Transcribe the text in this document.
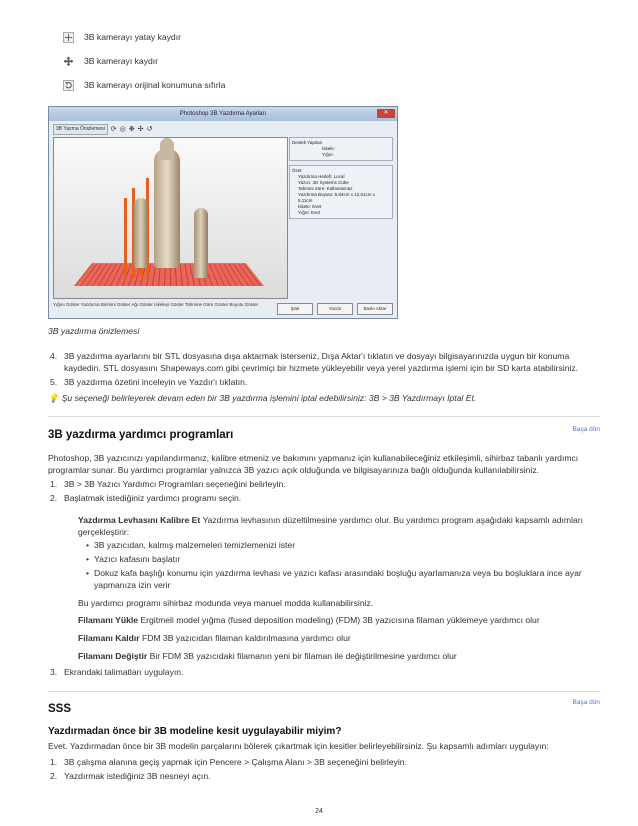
3B kamerayı yatay kaydır
3B kamerayı kaydır
3B kamerayı orijinal konumuna sıfırla
Photoshop 3B Yazdırma Ayarları	✕
3B Yazma Önizlemesi ⟳ ◎ ✥ ✣ ↺
Destek Yapıları
İskele:
Yığın:
Özet
Yazdırma Hedefi: Local
Yazıcı: 3D Systems Cube
Tahmini Süre: Kullanılamaz
Yazdırma Boyutu: 5,84cm x 12,61cm x 5,11cm
İskele: Evet
Yığın: Evet
Yığını Göster Yazdırma Birimini Göster Ağı Göster İskeleyi Göster Tahmine Göre Göster Boyutu Göster
İptal	Yazdır	Baskı Aktar
3B yazdırma önizlemesi
4. 3B yazdırma ayarlarını bir STL dosyasına dışa aktarmak isterseniz, Dışa Aktar'ı tıklatın ve dosyayı bilgisayarınızda uygun bir konuma
kaydedin. STL dosyasını Shapeways.com gibi çevrimiçi bir hizmete yükleyebilir veya yerel yazdırma işlemi için bir SD karta atabilirsiniz.
5. 3B yazdırma özetini inceleyin ve Yazdır'ı tıklatın.
💡 Şu seçeneği belirleyerek devam eden bir 3B yazdırma işlemini iptal edebilirsiniz: 3B > 3B Yazdırmayı İptal Et.
Başa dön
3B yazdırma yardımcı programları
Photoshop, 3B yazıcınızı yapılandırmanız, kalibre etmeniz ve bakımını yapmanız için kullanabileceğiniz etkileşimli, sihirbaz tabanlı yardımcı
programlar sunar. Bu yardımcı programlar yalnızca 3B yazıcı açık olduğunda ve bilgisayarınıza bağlı olduğunda kullanılabilirsiniz.
1. 3B > 3B Yazıcı Yardımcı Programları seçeneğini belirleyin.
2. Başlatmak istediğiniz yardımcı programı seçin.
Yazdırma Levhasını Kalibre Et Yazdırma levhasının düzeltilmesine yardımcı olur. Bu yardımcı program aşağıdaki kapsamlı adımları
gerçekleştirir:
• 3B yazıcıdan, kalmış malzemeleri temizlemenizi ister
• Yazıcı kafasını başlatır
• Dokuz kafa başlığı konumu için yazdırma levhası ve yazıcı kafası arasındaki boşluğu ayarlamanıza veya bu boşluklara ince ayar
yapmanıza izin verir
Bu yardımcı programı sihirbaz modunda veya manuel modda kullanabilirsiniz.
Filamanı Yükle Ergitmeli model yığma (fused deposition modeling) (FDM) 3B yazıcısına filaman yüklemeye yardımcı olur
Filamanı Kaldır FDM 3B yazıcıdan filaman kaldırılmasına yardımcı olur
Filamanı Değiştir Bir FDM 3B yazıcıdaki filamanın yeni bir filaman ile değiştirilmesine yardımcı olur
3. Ekrandaki talimatları uygulayın.
Başa dön
SSS
Yazdırmadan önce bir 3B modeline kesit uygulayabilir miyim?
Evet. Yazdırmadan önce bir 3B modelin parçalarını bölerek çıkartmak için kesitler belirleyebilirsiniz. Şu kapsamlı adımları uygulayın:
1. 3B çalışma alanına geçiş yapmak için Pencere > Çalışma Alanı > 3B seçeneğini belirleyin.
2. Yazdırmak istediğiniz 3B nesneyi açın.
24
